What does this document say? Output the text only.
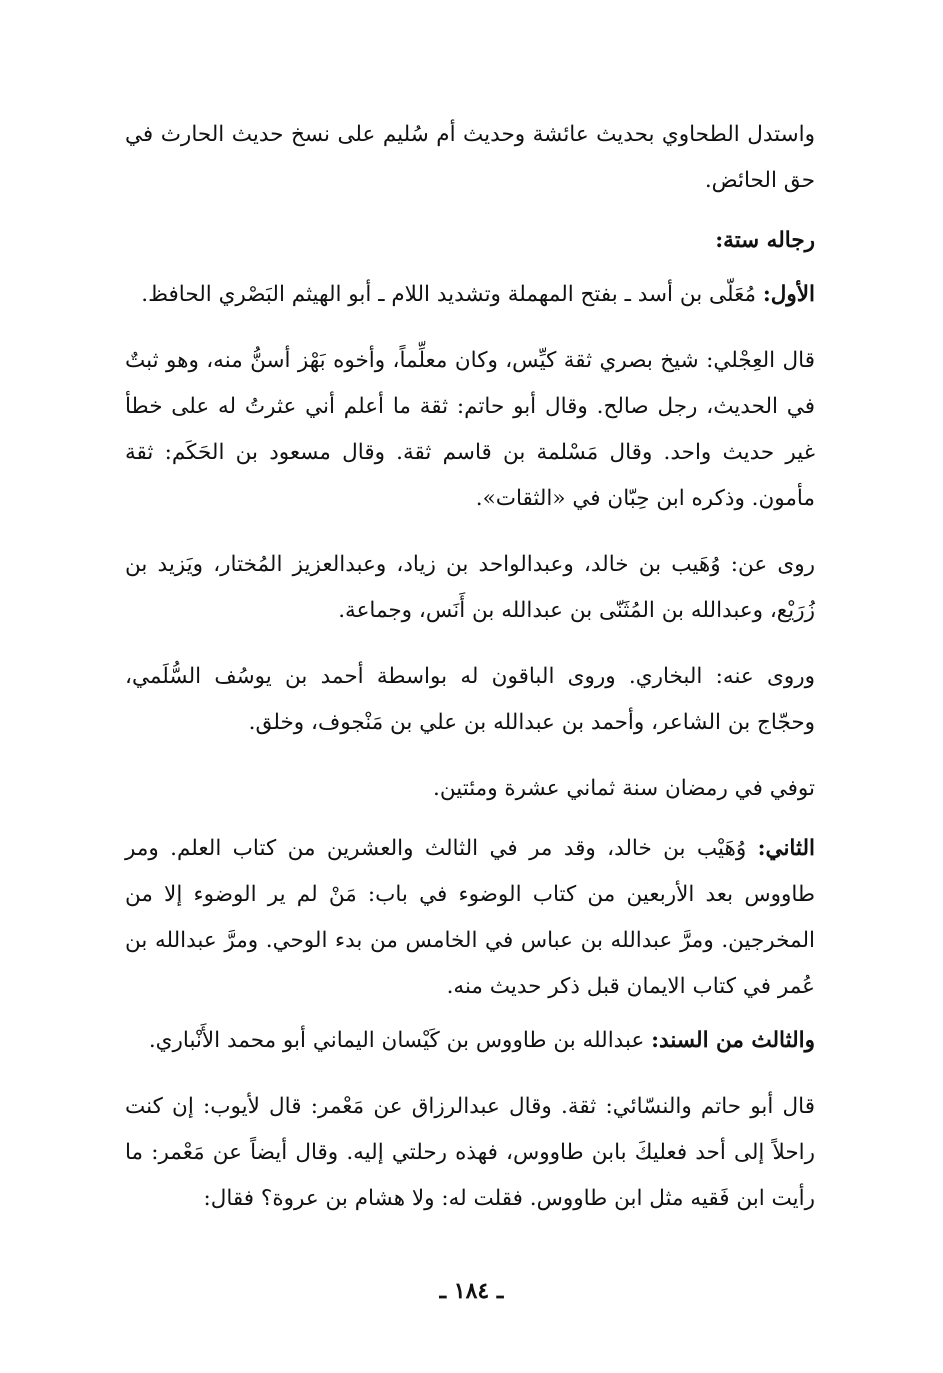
واستدل الطحاوي بحديث عائشة وحديث أم سُليم على نسخ حديث الحارث في حق الحائض.

رجاله ستة:

الأول: مُعَلّى بن أسد ـ بفتح المهملة وتشديد اللام ـ أبو الهيثم البَصْري الحافظ.

قال العِجْلي: شيخ بصري ثقة كيِّس، وكان معلِّماً، وأخوه بَهْز أسنُّ منه، وهو ثبتٌ في الحديث، رجل صالح. وقال أبو حاتم: ثقة ما أعلم أني عثرتُ له على خطأ غير حديث واحد. وقال مَسْلمة بن قاسم ثقة. وقال مسعود بن الحَكَم: ثقة مأمون. وذكره ابن حِبّان في «الثقات».

روى عن: وُهَيب بن خالد، وعبدالواحد بن زياد، وعبدالعزيز المُختار، ويَزيد بن زُرَيْع، وعبدالله بن المُثَنّى بن عبدالله بن أَنَس، وجماعة.

وروى عنه: البخاري. وروى الباقون له بواسطة أحمد بن يوسُف السُّلَمي، وحجّاج بن الشاعر، وأحمد بن عبدالله بن علي بن مَنْجوف، وخلق.

توفي في رمضان سنة ثماني عشرة ومئتين.

الثاني: وُهَيْب بن خالد، وقد مر في الثالث والعشرين من كتاب العلم. ومر طاووس بعد الأربعين من كتاب الوضوء في باب: مَنْ لم ير الوضوء إلا من المخرجين. ومرَّ عبدالله بن عباس في الخامس من بدء الوحي. ومرَّ عبدالله بن عُمر في كتاب الايمان قبل ذكر حديث منه.

والثالث من السند: عبدالله بن طاووس بن كَيْسان اليماني أبو محمد الأَنْباري.

قال أبو حاتم والنسّائي: ثقة. وقال عبدالرزاق عن مَعْمر: قال لأيوب: إن كنت راحلاً إلى أحد فعليكَ بابن طاووس، فهذه رحلتي إليه. وقال أيضاً عن مَعْمر: ما رأيت ابن فَقيه مثل ابن طاووس. فقلت له: ولا هشام بن عروة؟ فقال:

ـ ١٨٤ ـ
